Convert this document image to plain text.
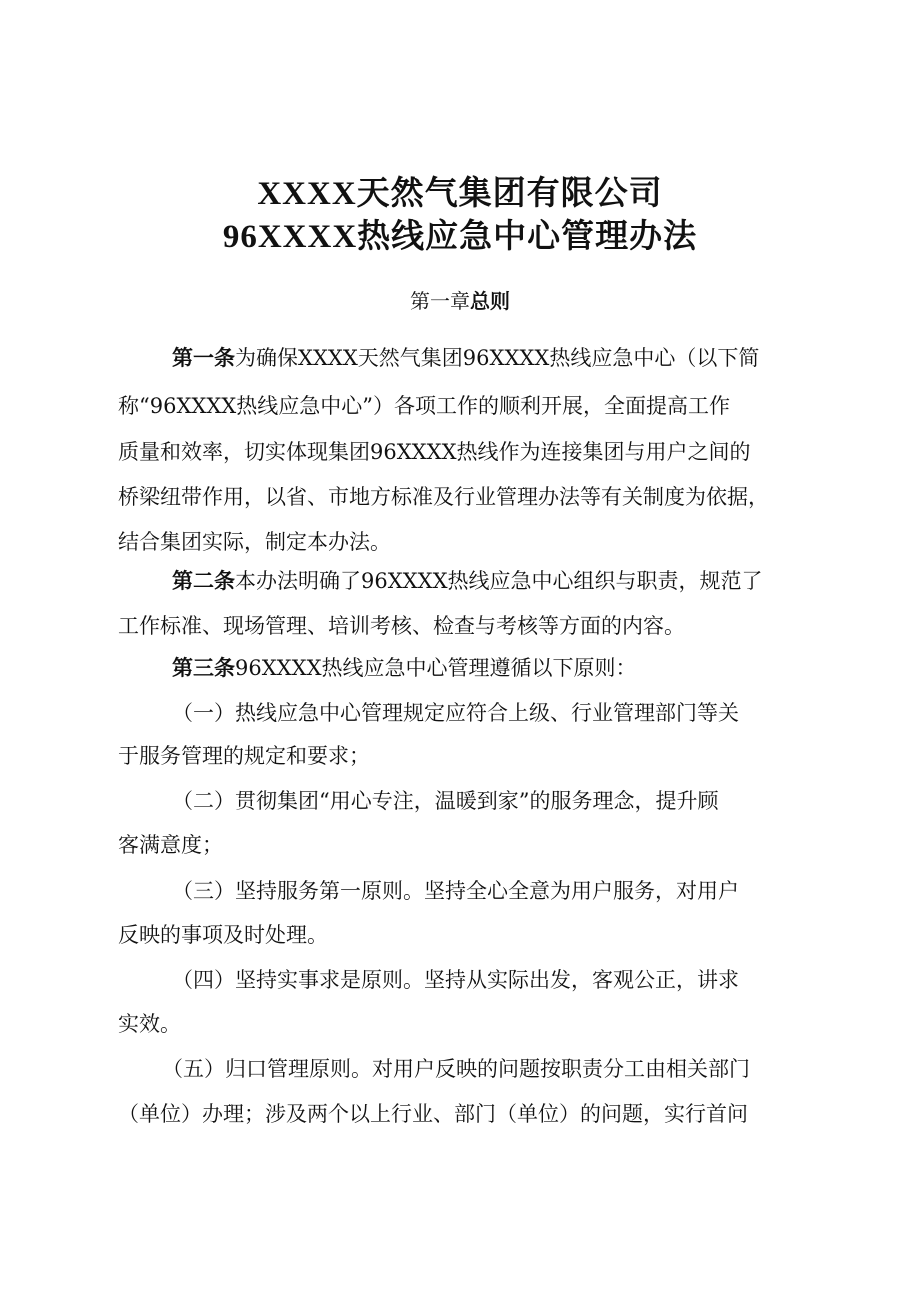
XXXX天然气集团有限公司
96XXXX热线应急中心管理办法
第一章总则
第一条为确保XXXX天然气集团96XXXX热线应急中心（以下简
称“96XXXX热线应急中心”）各项工作的顺利开展，全面提高工作
质量和效率，切实体现集团96XXXX热线作为连接集团与用户之间的
桥梁纽带作用，以省、市地方标准及行业管理办法等有关制度为依据，
结合集团实际，制定本办法。
第二条本办法明确了96XXXX热线应急中心组织与职责，规范了
工作标准、现场管理、培训考核、检查与考核等方面的内容。
第三条96XXXX热线应急中心管理遵循以下原则：
（一）热线应急中心管理规定应符合上级、行业管理部门等关
于服务管理的规定和要求；
（二）贯彻集团“用心专注，温暖到家”的服务理念，提升顾
客满意度；
（三）坚持服务第一原则。坚持全心全意为用户服务，对用户
反映的事项及时处理。
（四）坚持实事求是原则。坚持从实际出发，客观公正，讲求
实效。
（五）归口管理原则。对用户反映的问题按职责分工由相关部门
（单位）办理；涉及两个以上行业、部门（单位）的问题，实行首问
